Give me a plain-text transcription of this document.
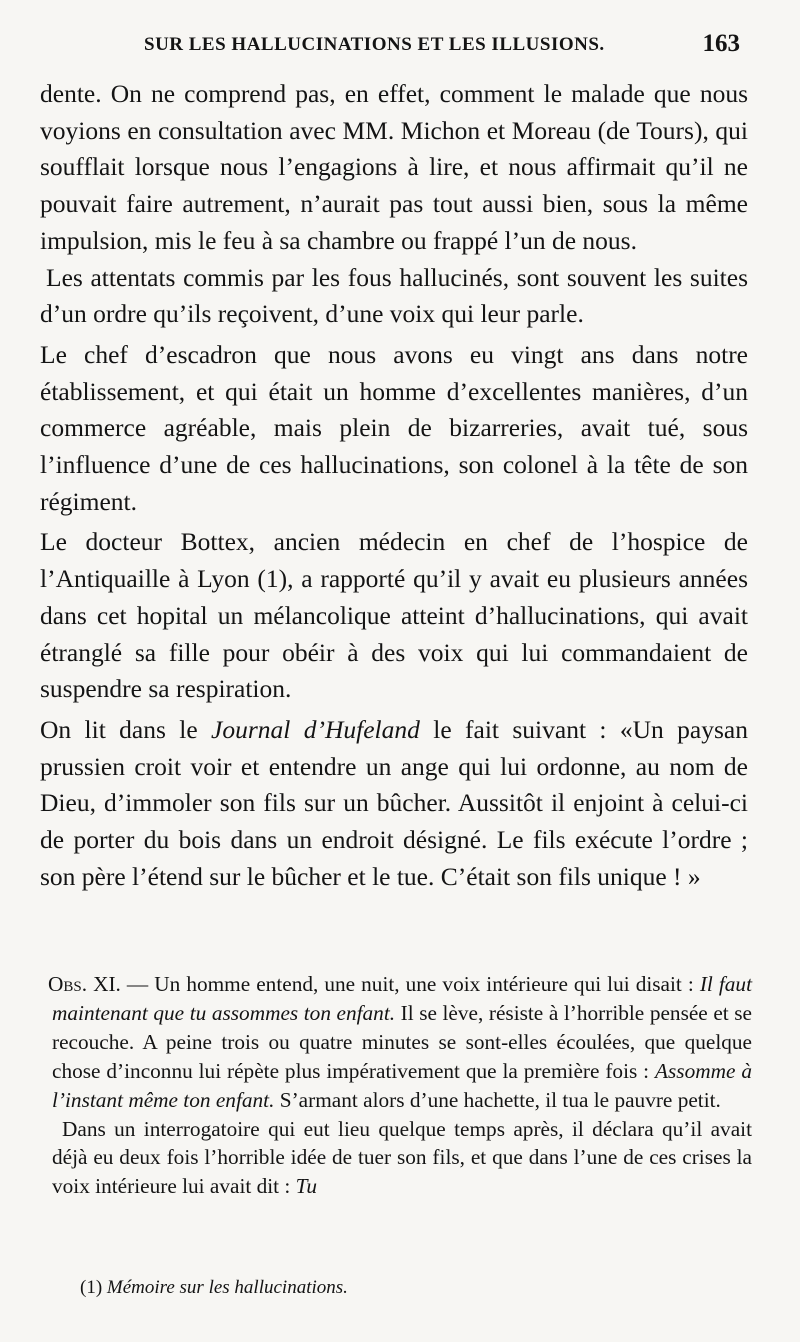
SUR LES HALLUCINATIONS ET LES ILLUSIONS.	163

dente. On ne comprend pas, en effet, comment le malade que nous voyions en consultation avec MM. Michon et Moreau (de Tours), qui soufflait lorsque nous l’engagions à lire, et nous affirmait qu’il ne pouvait faire autrement, n’aurait pas tout aussi bien, sous la même impulsion, mis le feu à sa chambre ou frappé l’un de nous.

Les attentats commis par les fous hallucinés, sont souvent les suites d’un ordre qu’ils reçoivent, d’une voix qui leur parle.

Le chef d’escadron que nous avons eu vingt ans dans notre établissement, et qui était un homme d’excellentes manières, d’un commerce agréable, mais plein de bizarreries, avait tué, sous l’influence d’une de ces hallucinations, son colonel à la tête de son régiment.

Le docteur Bottex, ancien médecin en chef de l’hospice de l’Antiquaille à Lyon (1), a rapporté qu’il y avait eu plusieurs années dans cet hopital un mélancolique atteint d’hallucinations, qui avait étranglé sa fille pour obéir à des voix qui lui commandaient de suspendre sa respiration.

On lit dans le Journal d’Hufeland le fait suivant : «Un paysan prussien croit voir et entendre un ange qui lui ordonne, au nom de Dieu, d’immoler son fils sur un bûcher. Aussitôt il enjoint à celui-ci de porter du bois dans un endroit désigné. Le fils exécute l’ordre ; son père l’étend sur le bûcher et le tue. C’était son fils unique ! »

Obs. XI. — Un homme entend, une nuit, une voix intérieure qui lui disait : Il faut maintenant que tu assommes ton enfant. Il se lève, résiste à l’horrible pensée et se recouche. A peine trois ou quatre minutes se sont-elles écoulées, que quelque chose d’inconnu lui répète plus impérativement que la première fois : Assomme à l’instant même ton enfant. S’armant alors d’une hachette, il tua le pauvre petit.

Dans un interrogatoire qui eut lieu quelque temps après, il déclara qu’il avait déjà eu deux fois l’horrible idée de tuer son fils, et que dans l’une de ces crises la voix intérieure lui avait dit : Tu

(1) Mémoire sur les hallucinations.
